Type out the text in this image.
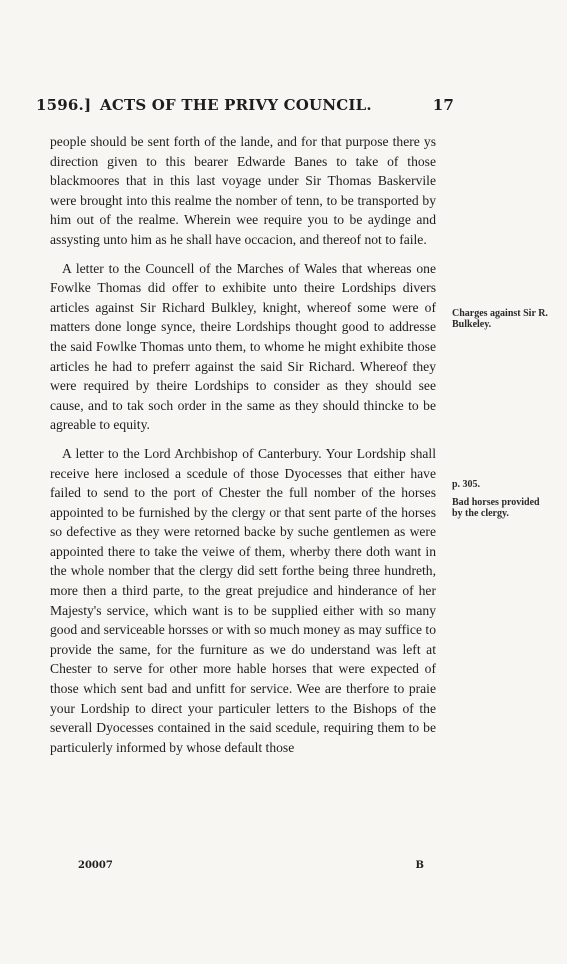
1596.] ACTS OF THE PRIVY COUNCIL.	17

people should be sent forth of the lande, and for that purpose there ys direction given to this bearer Edwarde Banes to take of those blackmoores that in this last voyage under Sir Thomas Baskervile were brought into this realme the nomber of tenn, to be transported by him out of the realme. Wherein wee require you to be aydinge and assysting unto him as he shall have occacion, and thereof not to faile.

A letter to the Councell of the Marches of Wales that whereas one Fowlke Thomas did offer to exhibite unto theire Lordships divers articles against Sir Richard Bulkley, knight, whereof some were of matters done longe synce, theire Lordships thought good to addresse the said Fowlke Thomas unto them, to whome he might exhibite those articles he had to preferr against the said Sir Richard. Whereof they were required by theire Lordships to consider as they should see cause, and to tak soch order in the same as they should thincke to be agreable to equity.

A letter to the Lord Archbishop of Canterbury. Your Lordship shall receive here inclosed a scedule of those Dyocesses that either have failed to send to the port of Chester the full nomber of the horses appointed to be furnished by the clergy or that sent parte of the horses so defective as they were retorned backe by suche gentlemen as were appointed there to take the veiwe of them, wherby there doth want in the whole nomber that the clergy did sett forthe being three hundreth, more then a third parte, to the great prejudice and hinderance of her Majesty's service, which want is to be supplied either with so many good and serviceable horsses or with so much money as may suffice to provide the same, for the furniture as we do understand was left at Chester to serve for other more hable horses that were expected of those which sent bad and unfitt for service. Wee are therfore to praie your Lordship to direct your particuler letters to the Bishops of the severall Dyocesses contained in the said scedule, requiring them to be particulerly informed by whose default those

Charges against Sir R. Bulkeley.
p. 305.
Bad horses provided by the clergy.
20007	B
